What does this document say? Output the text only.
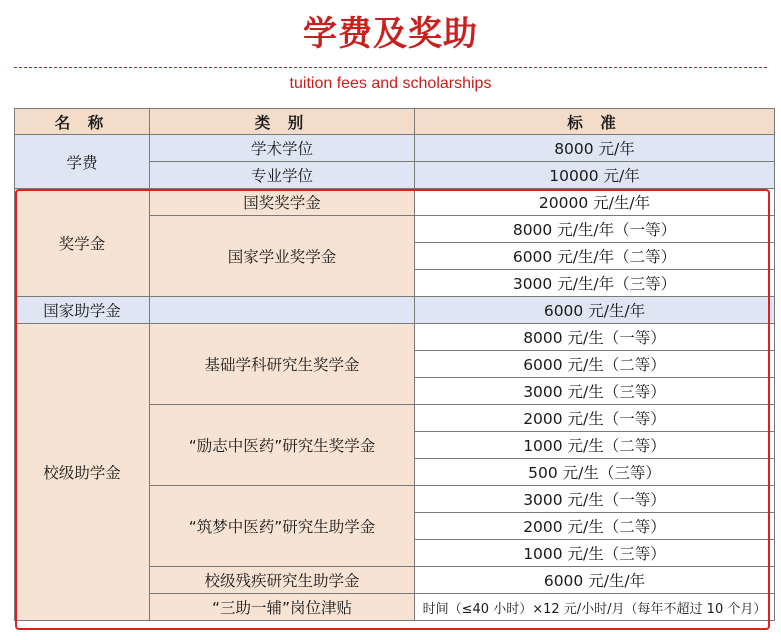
学费及奖助
tuition fees and scholarships
名 称	类 别	标 准
学费	学术学位	8000 元/年
	专业学位	10000 元/年
奖学金	国奖奖学金	20000 元/生/年
	国家学业奖学金	8000 元/生/年（一等）
		6000 元/生/年（二等）
		3000 元/生/年（三等）
国家助学金		6000 元/生/年
校级助学金	基础学科研究生奖学金	8000 元/生（一等）
		6000 元/生（二等）
		3000 元/生（三等）
	“励志中医药”研究生奖学金	2000 元/生（一等）
		1000 元/生（二等）
		500 元/生（三等）
	“筑梦中医药”研究生助学金	3000 元/生（一等）
		2000 元/生（二等）
		1000 元/生（三等）
	校级残疾研究生助学金	6000 元/生/年
	“三助一辅”岗位津贴	时间（≤40 小时）×12 元/小时/月（每年不超过 10 个月）
